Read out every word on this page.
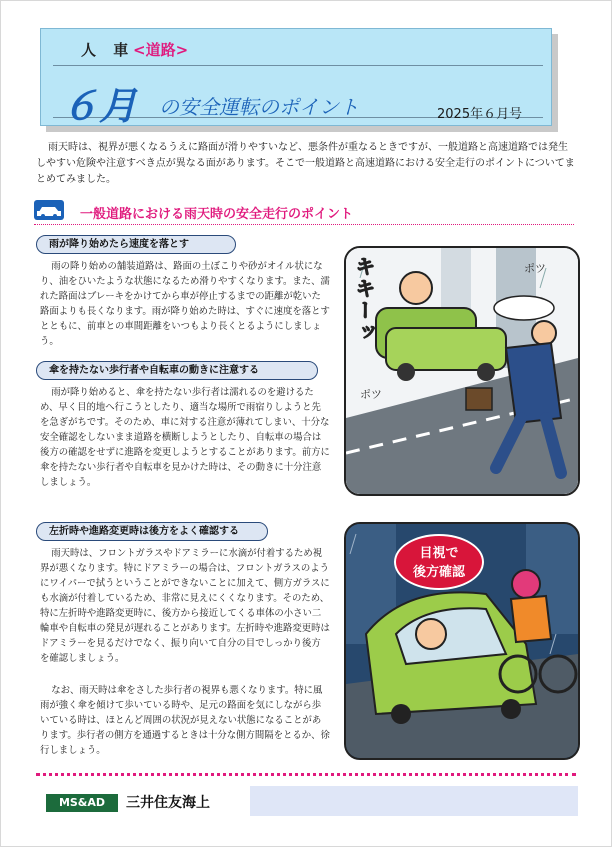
人 車
<道路>
６月 の安全運転のポイント	2025年６月号

雨天時は、視界が悪くなるうえに路面が滑りやすいなど、悪条件が重なるときですが、一般道路と高速道路では発生しやすい危険や注意すべき点が異なる面があります。そこで一般道路と高速道路における安全走行のポイントについてまとめてみました。

一般道路における雨天時の安全走行のポイント
雨が降り始めたら速度を落とす

雨の降り始めの舗装道路は、路面の土ぼこりや砂がオイル状になり、油をひいたような状態になるため滑りやすくなります。また、濡れた路面はブレーキをかけてから車が停止するまでの距離が乾いた路面よりも長くなります。雨が降り始めた時は、すぐに速度を落とすとともに、前車との車間距離をいつもより長くとるようにしましょう。

傘を持たない歩行者や自転車の動きに注意する

雨が降り始めると、傘を持たない歩行者は濡れるのを避けるため、早く目的地へ行こうとしたり、適当な場所で雨宿りしようと先を急ぎがちです。そのため、車に対する注意が薄れてしまい、十分な安全確認をしないまま道路を横断しようとしたり、自転車の場合は後方の確認をせずに進路を変更しようとすることがあります。前方に傘を持たない歩行者や自転車を見かけた時は、その動きに十分注意しましょう。

左折時や進路変更時は後方をよく確認する

雨天時は、フロントガラスやドアミラーに水滴が付着するため視界が悪くなります。特にドアミラーの場合は、フロントガラスのようにワイパーで拭うということができないことに加えて、側方ガラスにも水滴が付着しているため、非常に見えにくくなります。そのため、特に左折時や進路変更時に、後方から接近してくる車体の小さい二輪車や自転車の発見が遅れることがあります。左折時や進路変更時はドアミラーを見るだけでなく、振り向いて自分の目でしっかり後方を確認しましょう。

なお、雨天時は傘をさした歩行者の視界も悪くなります。特に風雨が強く傘を傾けて歩いている時や、足元の路面を気にしながら歩いている時は、ほとんど周囲の状況が見えない状態になることがあります。歩行者の側方を通過するときは十分な側方間隔をとるか、徐行しましょう。

キキーッ	ポツ
ポツ
目視で
後方確認
MS&AD	三井住友海上
